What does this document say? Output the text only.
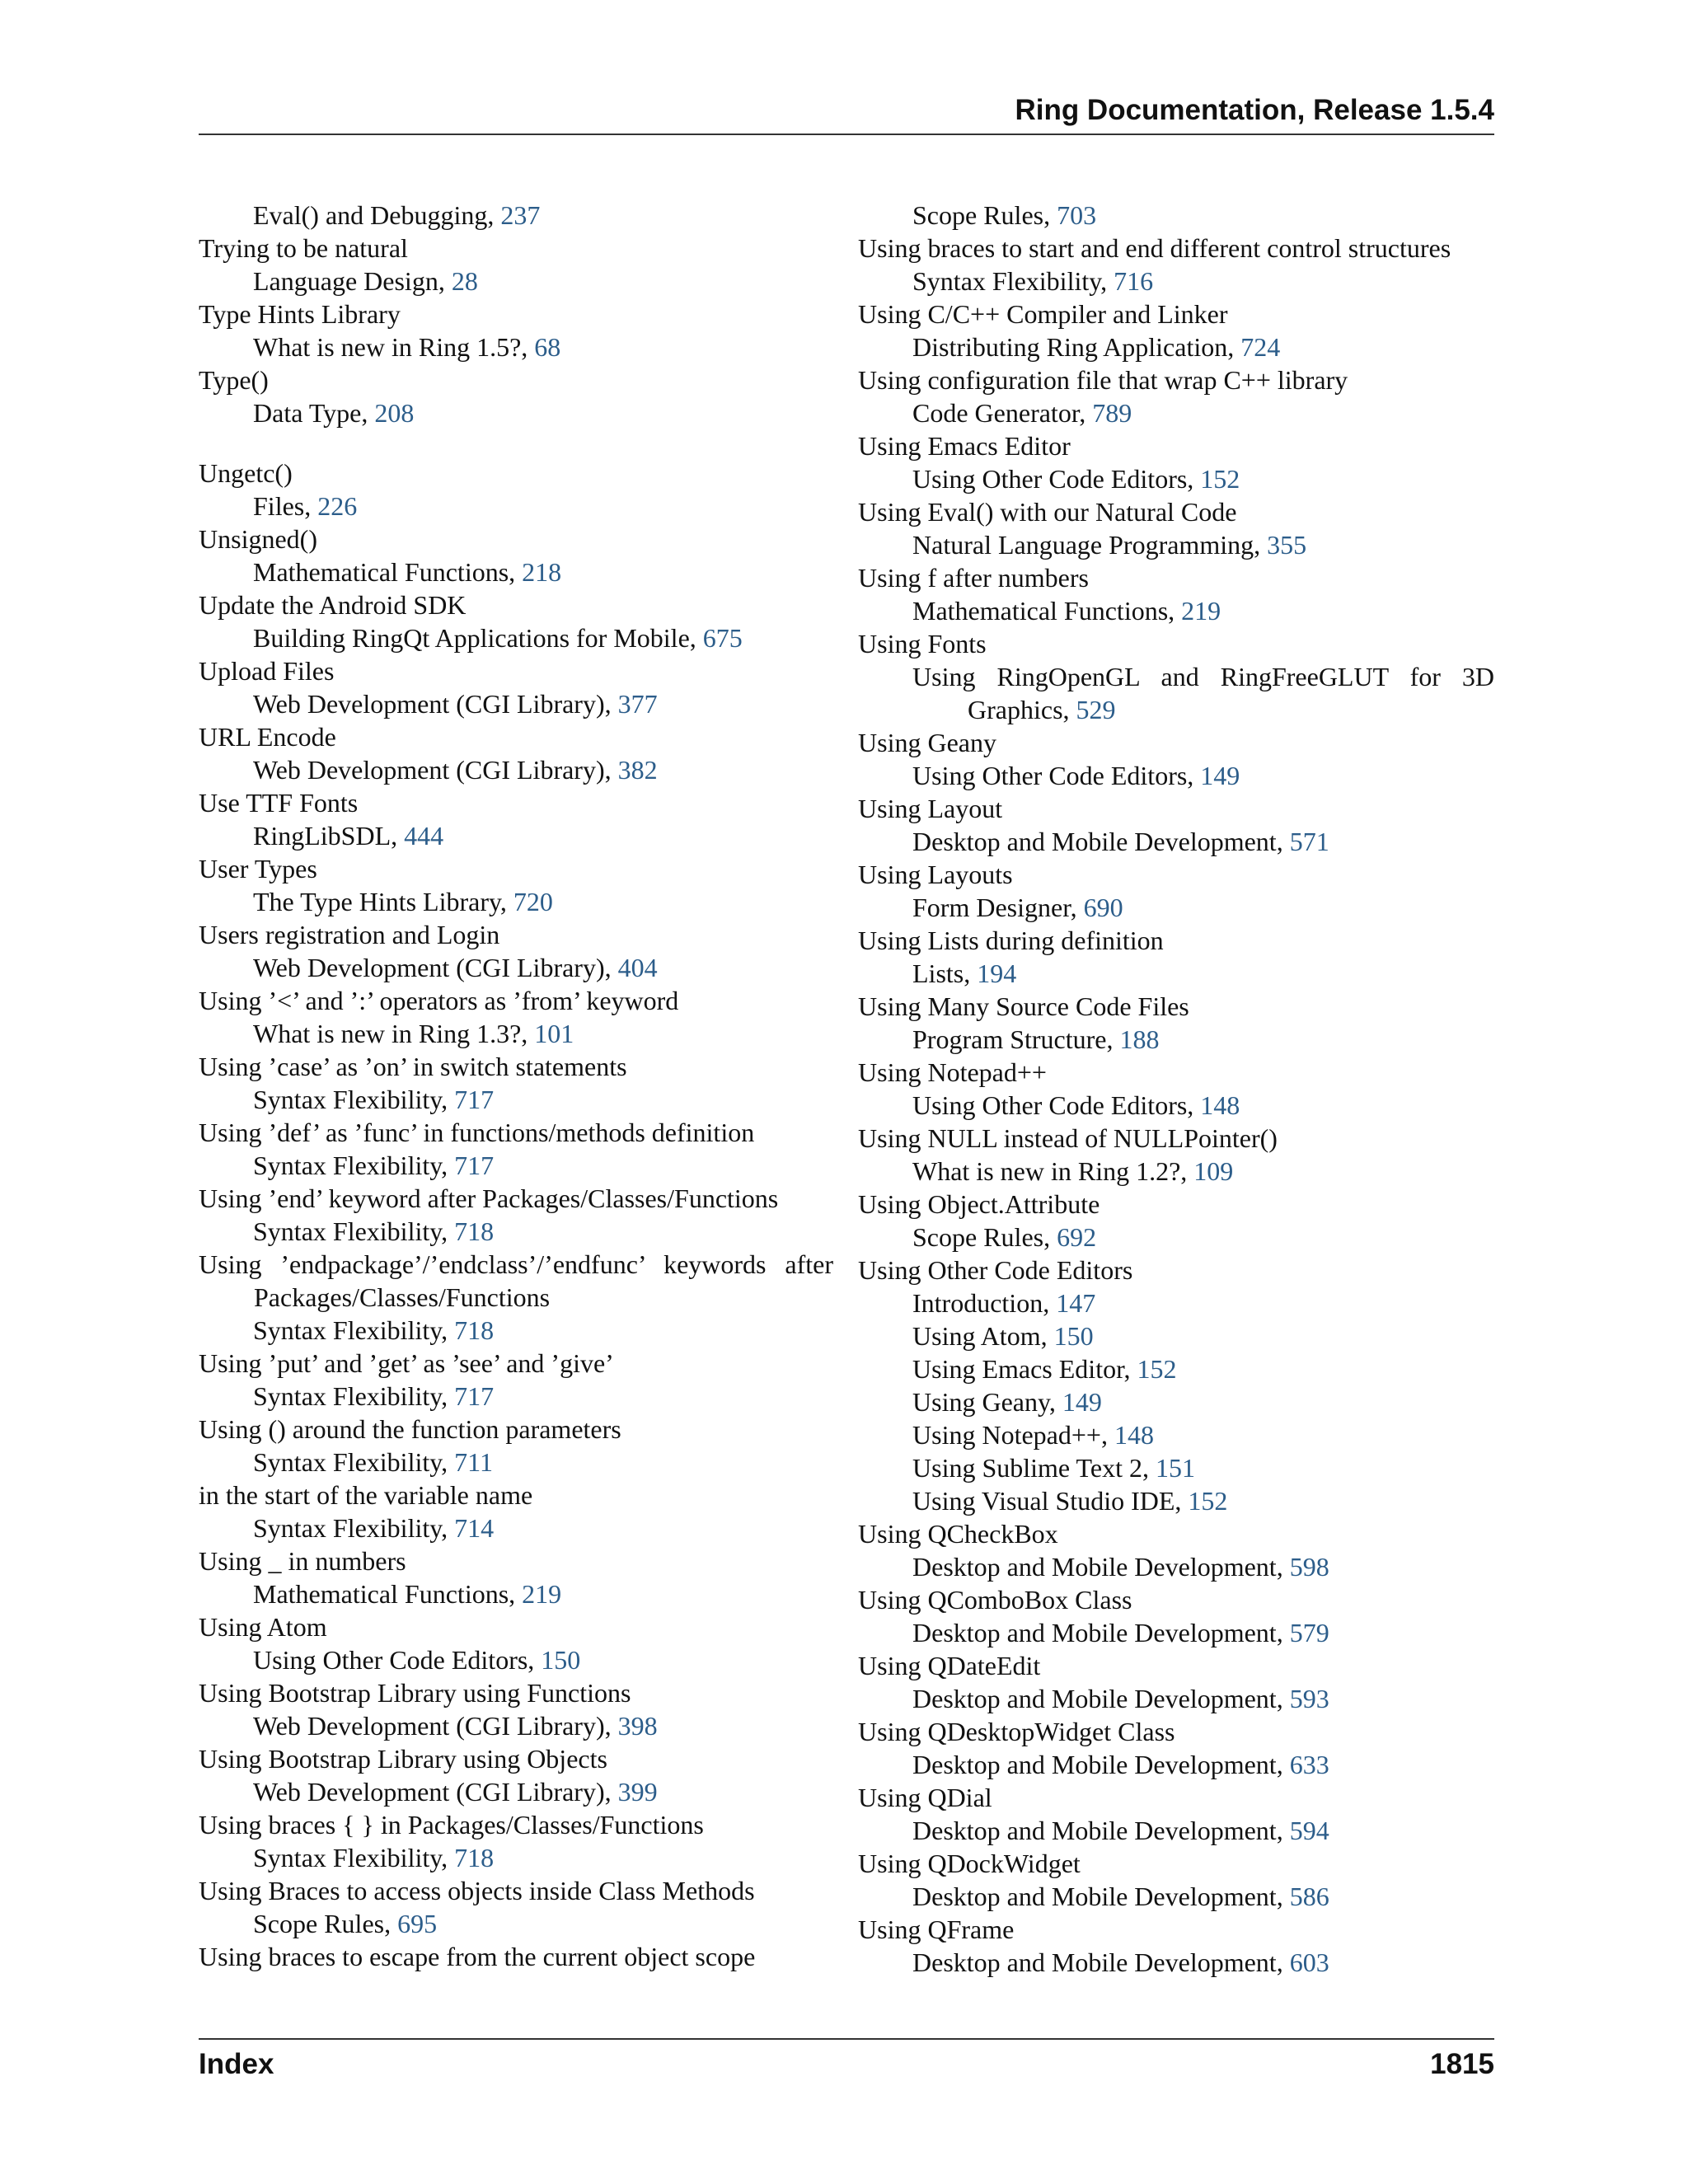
Ring Documentation, Release 1.5.4
Eval() and Debugging, 237
Trying to be natural
Language Design, 28
Type Hints Library
What is new in Ring 1.5?, 68
Type()
Data Type, 208
Ungetc()
Files, 226
Unsigned()
Mathematical Functions, 218
Update the Android SDK
Building RingQt Applications for Mobile, 675
Upload Files
Web Development (CGI Library), 377
URL Encode
Web Development (CGI Library), 382
Use TTF Fonts
RingLibSDL, 444
User Types
The Type Hints Library, 720
Users registration and Login
Web Development (CGI Library), 404
Using ’<’ and ’:’ operators as ’from’ keyword
What is new in Ring 1.3?, 101
Using ’case’ as ’on’ in switch statements
Syntax Flexibility, 717
Using ’def’ as ’func’ in functions/methods definition
Syntax Flexibility, 717
Using ’end’ keyword after Packages/Classes/Functions
Syntax Flexibility, 718
Using ’endpackage’/’endclass’/’endfunc’ keywords after Packages/Classes/Functions
Syntax Flexibility, 718
Using ’put’ and ’get’ as ’see’ and ’give’
Syntax Flexibility, 717
Using () around the function parameters
Syntax Flexibility, 711
in the start of the variable name
Syntax Flexibility, 714
Using _ in numbers
Mathematical Functions, 219
Using Atom
Using Other Code Editors, 150
Using Bootstrap Library using Functions
Web Development (CGI Library), 398
Using Bootstrap Library using Objects
Web Development (CGI Library), 399
Using braces { } in Packages/Classes/Functions
Syntax Flexibility, 718
Using Braces to access objects inside Class Methods
Scope Rules, 695
Using braces to escape from the current object scope
Scope Rules, 703
Using braces to start and end different control structures
Syntax Flexibility, 716
Using C/C++ Compiler and Linker
Distributing Ring Application, 724
Using configuration file that wrap C++ library
Code Generator, 789
Using Emacs Editor
Using Other Code Editors, 152
Using Eval() with our Natural Code
Natural Language Programming, 355
Using f after numbers
Mathematical Functions, 219
Using Fonts
Using RingOpenGL and RingFreeGLUT for 3D Graphics, 529
Using Geany
Using Other Code Editors, 149
Using Layout
Desktop and Mobile Development, 571
Using Layouts
Form Designer, 690
Using Lists during definition
Lists, 194
Using Many Source Code Files
Program Structure, 188
Using Notepad++
Using Other Code Editors, 148
Using NULL instead of NULLPointer()
What is new in Ring 1.2?, 109
Using Object.Attribute
Scope Rules, 692
Using Other Code Editors
Introduction, 147
Using Atom, 150
Using Emacs Editor, 152
Using Geany, 149
Using Notepad++, 148
Using Sublime Text 2, 151
Using Visual Studio IDE, 152
Using QCheckBox
Desktop and Mobile Development, 598
Using QComboBox Class
Desktop and Mobile Development, 579
Using QDateEdit
Desktop and Mobile Development, 593
Using QDesktopWidget Class
Desktop and Mobile Development, 633
Using QDial
Desktop and Mobile Development, 594
Using QDockWidget
Desktop and Mobile Development, 586
Using QFrame
Desktop and Mobile Development, 603
Index	1815
